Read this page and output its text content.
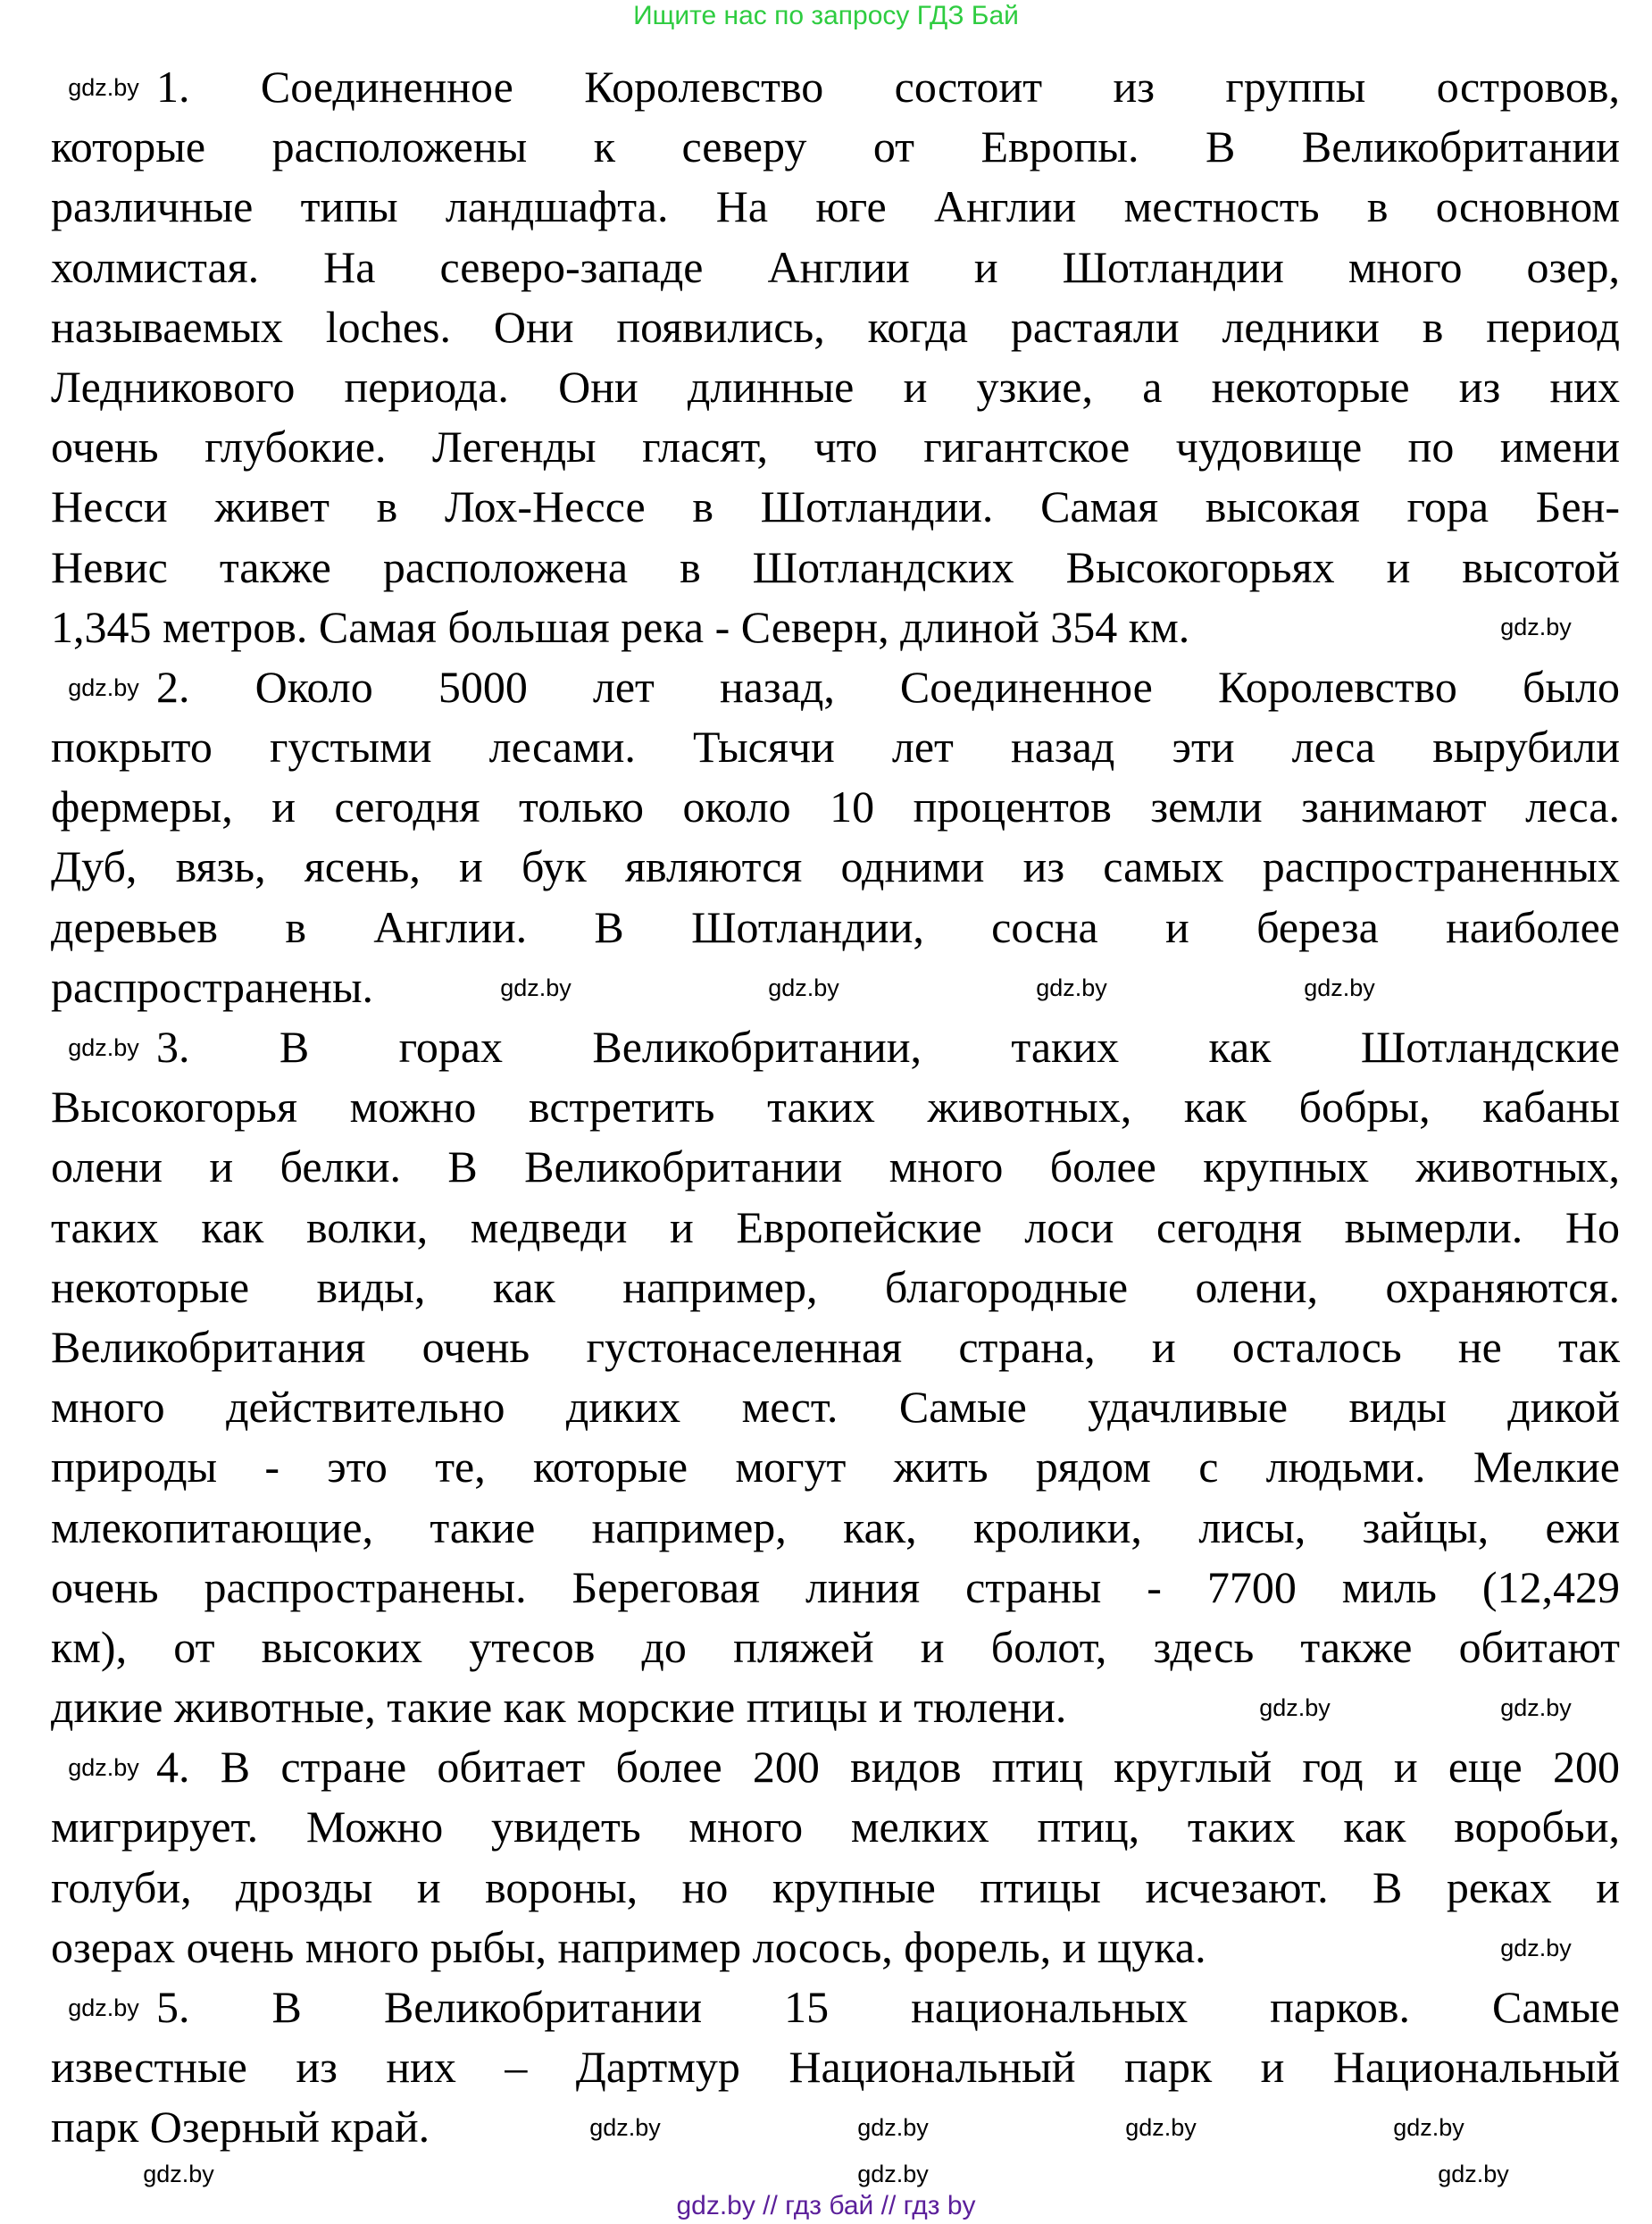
Ищите нас по запросу ГДЗ Бай
1. Соединенное Королевство состоит из группы островов,
которые расположены к северу от Европы. В Великобритании
различные типы ландшафта. На юге Англии местность в основном
холмистая. На северо-западе Англии и Шотландии много озер,
называемых loches. Они появились, когда растаяли ледники в период
Ледникового периода. Они длинные и узкие, а некоторые из них
очень глубокие. Легенды гласят, что гигантское чудовище по имени
Несси живет в Лох-Нессе в Шотландии. Самая высокая гора Бен-
Невис также расположена в Шотландских Высокогорьях и высотой
1,345 метров. Самая большая река - Северн, длиной 354 км.
2. Около 5000 лет назад, Соединенное Королевство было
покрыто густыми лесами. Тысячи лет назад эти леса вырубили
фермеры, и сегодня только около 10 процентов земли занимают леса.
Дуб, вязь, ясень, и бук являются одними из самых распространенных
деревьев в Англии. В Шотландии, сосна и береза наиболее
распространены.
3. В горах Великобритании, таких как Шотландские
Высокогорья можно встретить таких животных, как бобры, кабаны
олени и белки. В Великобритании много более крупных животных,
таких как волки, медведи и Европейские лоси сегодня вымерли. Но
некоторые виды, как например, благородные олени, охраняются.
Великобритания очень густонаселенная страна, и осталось не так
много действительно диких мест. Самые удачливые виды дикой
природы - это те, которые могут жить рядом с людьми. Мелкие
млекопитающие, такие например, как, кролики, лисы, зайцы, ежи
очень распространены. Береговая линия страны - 7700 миль (12,429
км), от высоких утесов до пляжей и болот, здесь также обитают
дикие животные, такие как морские птицы и тюлени.
4. В стране обитает более 200 видов птиц круглый год и еще 200
мигрирует. Можно увидеть много мелких птиц, таких как воробьи,
голуби, дрозды и вороны, но крупные птицы исчезают. В реках и
озерах очень много рыбы, например лосось, форель, и щука.
5. В Великобритании 15 национальных парков. Самые
известные из них – Дартмур Национальный парк и Национальный
парк Озерный край.
gdz.by
gdz.by
gdz.by
gdz.by
gdz.by
gdz.by
gdz.by	gdz.by	gdz.by	gdz.by
gdz.by	gdz.by
gdz.by
gdz.by	gdz.by	gdz.by	gdz.by
gdz.by	gdz.by	gdz.by
gdz.by // гдз бай // гдз by
